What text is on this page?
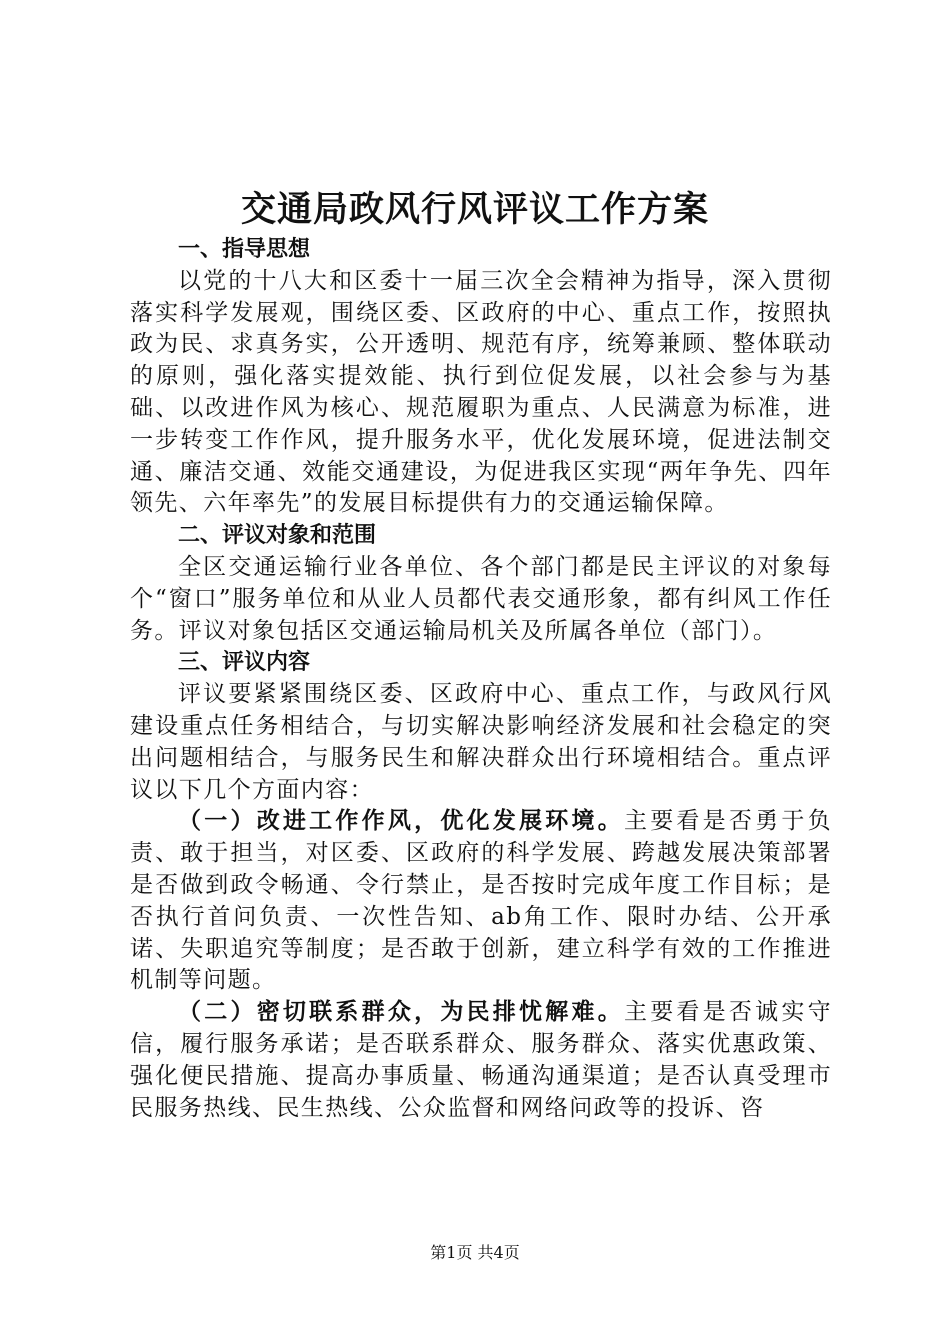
交通局政风行风评议工作方案

一、指导思想

以党的十八大和区委十一届三次全会精神为指导，深入贯彻落实科学发展观，围绕区委、区政府的中心、重点工作，按照执政为民、求真务实，公开透明、规范有序，统筹兼顾、整体联动的原则，强化落实提效能、执行到位促发展，以社会参与为基础、以改进作风为核心、规范履职为重点、人民满意为标准，进一步转变工作作风，提升服务水平，优化发展环境，促进法制交通、廉洁交通、效能交通建设，为促进我区实现“两年争先、四年领先、六年率先”的发展目标提供有力的交通运输保障。

二、评议对象和范围

全区交通运输行业各单位、各个部门都是民主评议的对象每个“窗口”服务单位和从业人员都代表交通形象，都有纠风工作任务。评议对象包括区交通运输局机关及所属各单位（部门）。

三、评议内容

评议要紧紧围绕区委、区政府中心、重点工作，与政风行风建设重点任务相结合，与切实解决影响经济发展和社会稳定的突出问题相结合，与服务民生和解决群众出行环境相结合。重点评议以下几个方面内容：

（一）改进工作作风，优化发展环境。主要看是否勇于负责、敢于担当，对区委、区政府的科学发展、跨越发展决策部署是否做到政令畅通、令行禁止，是否按时完成年度工作目标；是否执行首问负责、一次性告知、ab角工作、限时办结、公开承诺、失职追究等制度；是否敢于创新，建立科学有效的工作推进机制等问题。

（二）密切联系群众，为民排忧解难。主要看是否诚实守信，履行服务承诺；是否联系群众、服务群众、落实优惠政策、强化便民措施、提高办事质量、畅通沟通渠道；是否认真受理市民服务热线、民生热线、公众监督和网络问政等的投诉、咨

第1页 共4页
